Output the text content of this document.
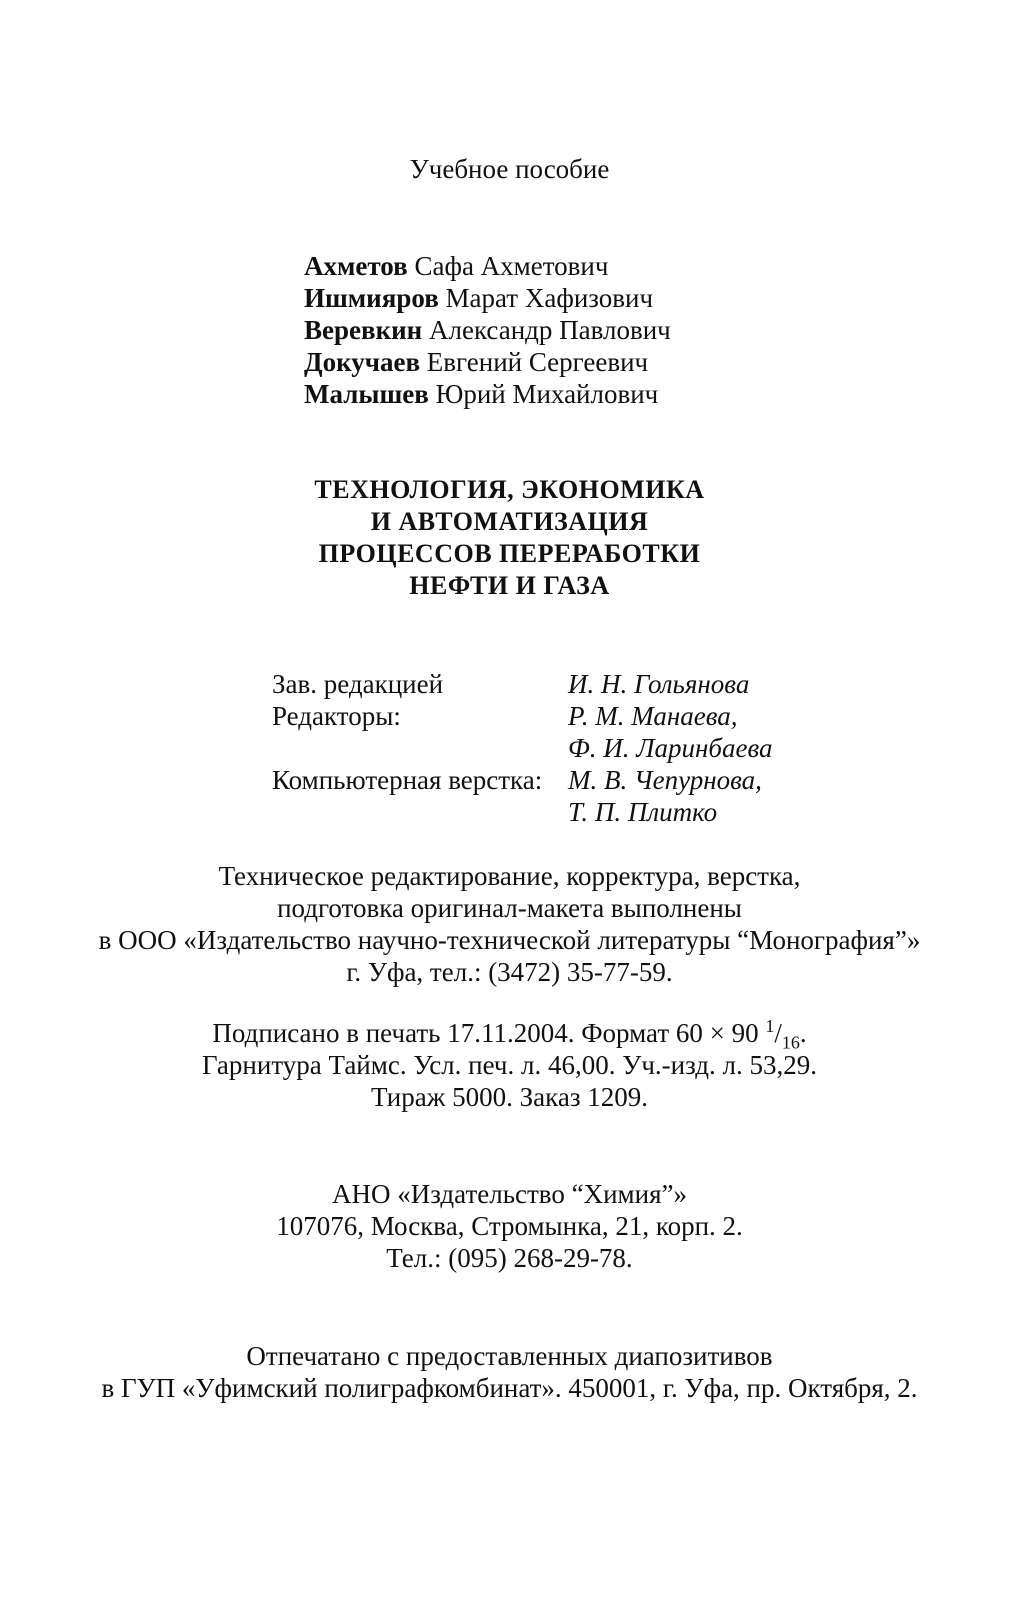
Учебное пособие
Ахметов Сафа Ахметович
Ишмияров Марат Хафизович
Веревкин Александр Павлович
Докучаев Евгений Сергеевич
Малышев Юрий Михайлович
ТЕХНОЛОГИЯ, ЭКОНОМИКА
И АВТОМАТИЗАЦИЯ
ПРОЦЕССОВ ПЕРЕРАБОТКИ
НЕФТИ И ГАЗА
Зав. редакцией	И. Н. Гольянова
Редакторы:	Р. М. Манаева,
Ф. И. Ларинбаева
Компьютерная верстка: М. В. Чепурнова,
Т. П. Плитко
Техническое редактирование, корректура, верстка,
подготовка оригинал-макета выполнены
в ООО «Издательство научно-технической литературы “Монография”»
г. Уфа, тел.: (3472) 35-77-59.
Подписано в печать 17.11.2004. Формат 60 × 90 $^1/_{16}$.
Гарнитура Таймс. Усл. печ. л. 46,00. Уч.-изд. л. 53,29.
Тираж 5000. Заказ 1209.
АНО «Издательство “Химия”»
107076, Москва, Стромынка, 21, корп. 2.
Тел.: (095) 268-29-78.
Отпечатано с предоставленных диапозитивов
в ГУП «Уфимский полиграфкомбинат». 450001, г. Уфа, пр. Октября, 2.
